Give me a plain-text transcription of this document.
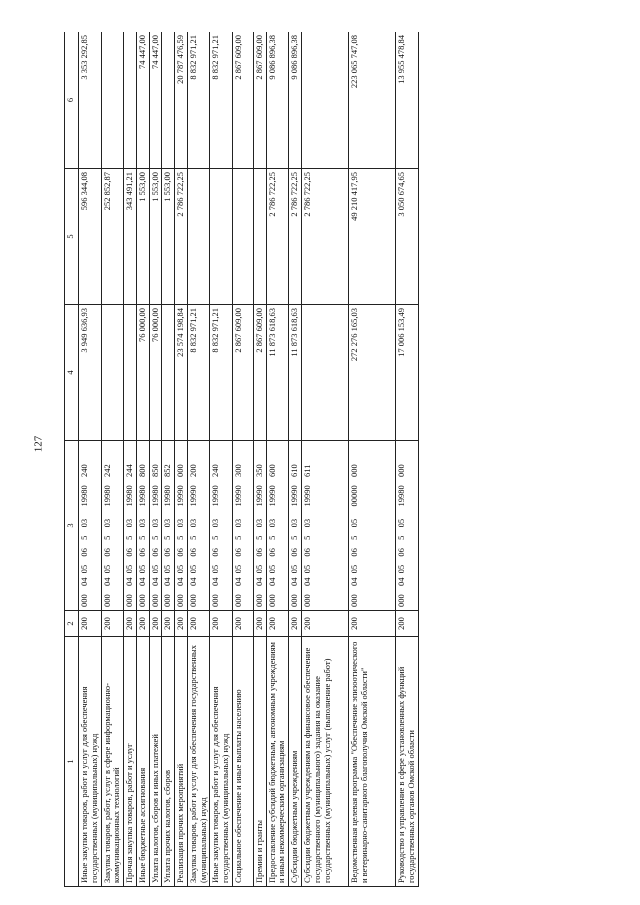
127
1	2	3	4	5	6
Иные закупки товаров, работ и услуг для обеспечения государственных (муниципальных) нужд	200	000  04 05  06  5  03   19980  240	3 949 636,93	596 344,08	3 353 292,85
Закупка товаров, работ, услуг в сфере информационно-коммуникационных технологий	200	000  04 05  06  5  03   19980  242		252 852,87	
Прочая закупка товаров, работ и услуг	200	000  04 05  06  5  03   19980  244		343 491,21	
Иные бюджетные ассигнования	200	000  04 05  06  5  03   19980  800	76 000,00	1 553,00	74 447,00
Уплата налогов, сборов и иных платежей	200	000  04 05  06  5  03   19980  850	76 000,00	1 553,00	74 447,00
Уплата прочих налогов, сборов	200	000  04 05  06  5  03   19980  852		1 553,00	
Реализация прочих мероприятий	200	000  04 05  06  5  03   19990  000	23 574 198,84	2 786 722,25	20 787 476,59
Закупка товаров, работ и услуг для обеспечения государственных (муниципальных) нужд	200	000  04 05  06  5  03   19990  200	8 832 971,21		8 832 971,21
Иные закупки товаров, работ и услуг для обеспечения государственных (муниципальных) нужд	200	000  04 05  06  5  03   19990  240	8 832 971,21		8 832 971,21
Социальное обеспечение и иные выплаты населению	200	000  04 05  06  5  03   19990  300	2 867 609,00		2 867 609,00
Премии и гранты	200	000  04 05  06  5  03   19990  350	2 867 609,00		2 867 609,00
Предоставление субсидий бюджетным, автономным учреждениям и иным некоммерческим организациям	200	000  04 05  06  5  03   19990  600	11 873 618,63	2 786 722,25	9 086 896,38
Субсидии бюджетным учреждениям	200	000  04 05  06  5  03   19990  610	11 873 618,63	2 786 722,25	9 086 896,38
Субсидии бюджетным учреждениям на финансовое обеспечение государственного (муниципального) задания на оказание государственных (муниципальных) услуг (выполнение работ)	200	000  04 05  06  5  03   19990  611		2 786 722,25	
Ведомственная целевая программа "Обеспечение эпизоотического и ветеринарно-санитарного благополучия Омской области"	200	000  04 05  06  5  05   00000  000	272 276 165,03	49 210 417,95	223 065 747,08
Руководство и управление в сфере установленных функций государственных органов Омской области	200	000  04 05  06  5  05   19980  000	17 006 153,49	3 050 674,65	13 955 478,84
